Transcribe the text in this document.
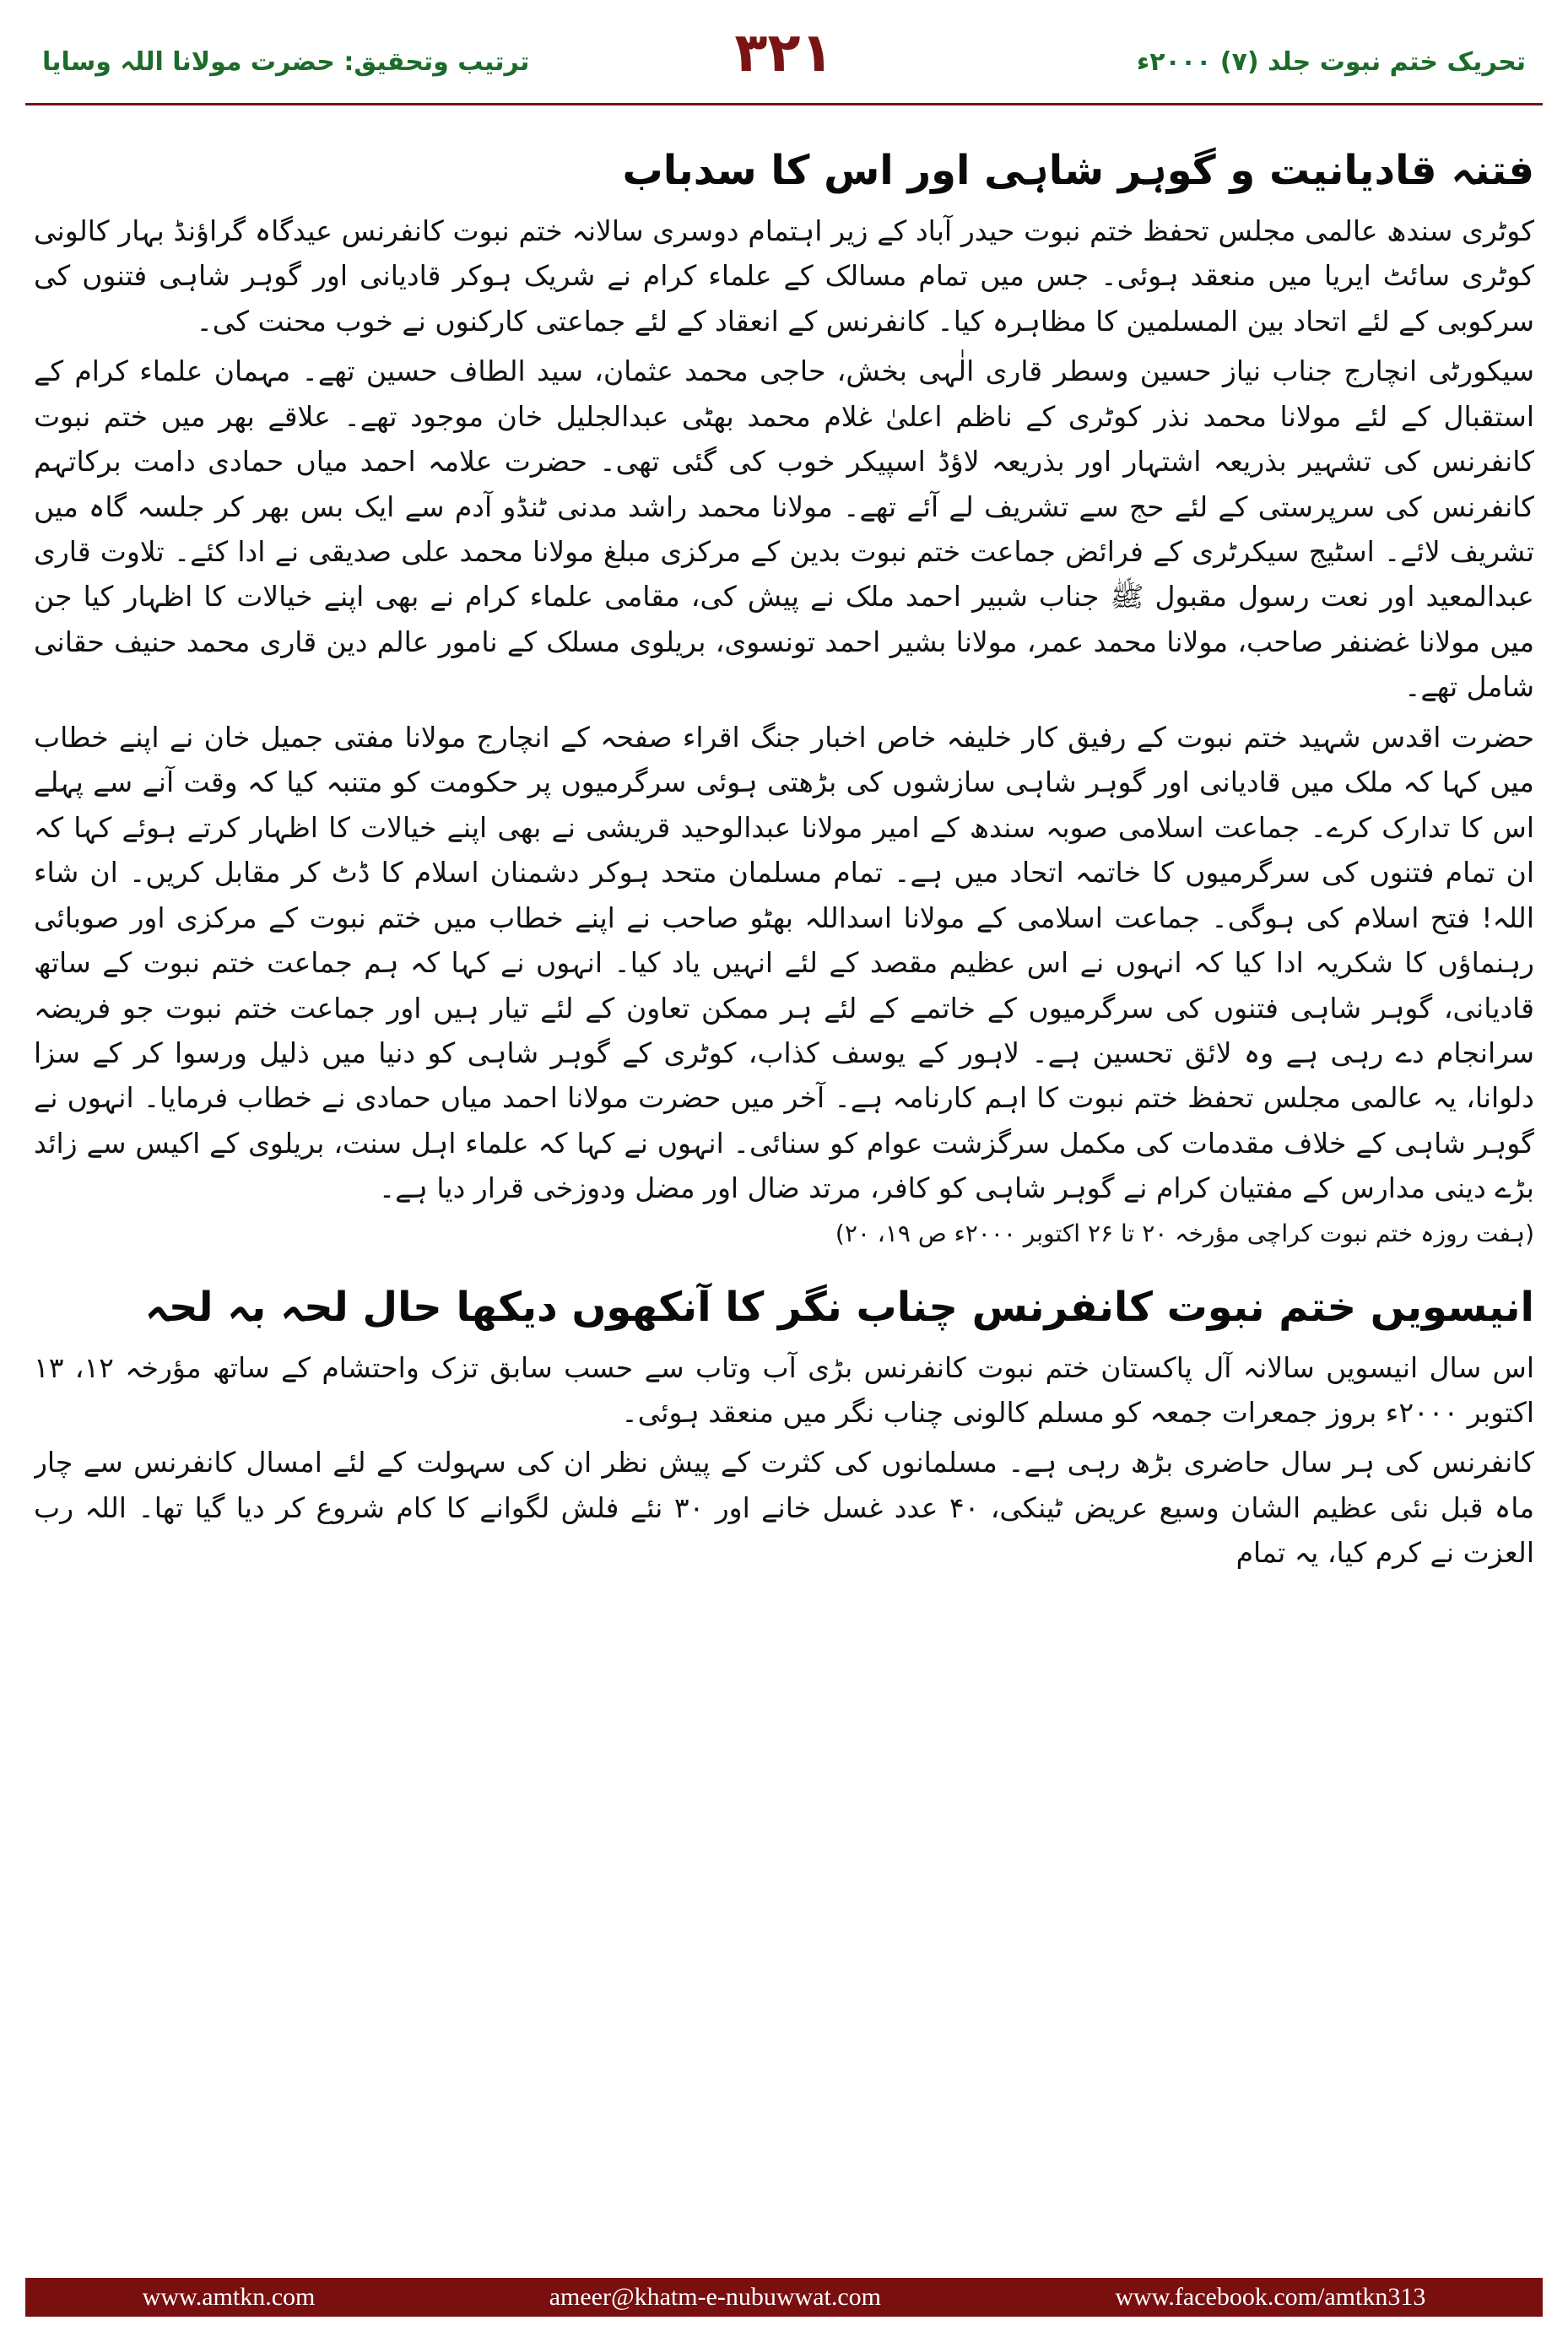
تحریک ختم نبوت جلد (۷) ۲۰۰۰ء
۳۲۱
ترتیب وتحقیق: حضرت مولانا اللہ وسایا
فتنہ قادیانیت و گوہر شاہی اور اس کا سدباب

کوٹری سندھ عالمی مجلس تحفظ ختم نبوت حیدر آباد کے زیر اہتمام دوسری سالانہ ختم نبوت کانفرنس عیدگاہ گراؤنڈ بہار کالونی کوٹری سائٹ ایریا میں منعقد ہوئی۔ جس میں تمام مسالک کے علماء کرام نے شریک ہوکر قادیانی اور گوہر شاہی فتنوں کی سرکوبی کے لئے اتحاد بین المسلمین کا مظاہرہ کیا۔ کانفرنس کے انعقاد کے لئے جماعتی کارکنوں نے خوب محنت کی۔

سیکورٹی انچارج جناب نیاز حسین وسطر قاری الٰہی بخش، حاجی محمد عثمان، سید الطاف حسین تھے۔ مہمان علماء کرام کے استقبال کے لئے مولانا محمد نذر کوٹری کے ناظم اعلیٰ غلام محمد بھٹی عبدالجلیل خان موجود تھے۔ علاقے بھر میں ختم نبوت کانفرنس کی تشہیر بذریعہ اشتہار اور بذریعہ لاؤڈ اسپیکر خوب کی گئی تھی۔ حضرت علامہ احمد میاں حمادی دامت برکاتہم کانفرنس کی سرپرستی کے لئے حج سے تشریف لے آئے تھے۔ مولانا محمد راشد مدنی ٹنڈو آدم سے ایک بس بھر کر جلسہ گاہ میں تشریف لائے۔ اسٹیج سیکرٹری کے فرائض جماعت ختم نبوت بدین کے مرکزی مبلغ مولانا محمد علی صدیقی نے ادا کئے۔ تلاوت قاری عبدالمعید اور نعت رسول مقبول ﷺ جناب شبیر احمد ملک نے پیش کی، مقامی علماء کرام نے بھی اپنے خیالات کا اظہار کیا جن میں مولانا غضنفر صاحب، مولانا محمد عمر، مولانا بشیر احمد تونسوی، بریلوی مسلک کے نامور عالم دین قاری محمد حنیف حقانی شامل تھے۔

حضرت اقدس شہید ختم نبوت کے رفیق کار خلیفہ خاص اخبار جنگ اقراء صفحہ کے انچارج مولانا مفتی جمیل خان نے اپنے خطاب میں کہا کہ ملک میں قادیانی اور گوہر شاہی سازشوں کی بڑھتی ہوئی سرگرمیوں پر حکومت کو متنبہ کیا کہ وقت آنے سے پہلے اس کا تدارک کرے۔ جماعت اسلامی صوبہ سندھ کے امیر مولانا عبدالوحید قریشی نے بھی اپنے خیالات کا اظہار کرتے ہوئے کہا کہ ان تمام فتنوں کی سرگرمیوں کا خاتمہ اتحاد میں ہے۔ تمام مسلمان متحد ہوکر دشمنان اسلام کا ڈٹ کر مقابل کریں۔ ان شاء اللہ! فتح اسلام کی ہوگی۔ جماعت اسلامی کے مولانا اسداللہ بھٹو صاحب نے اپنے خطاب میں ختم نبوت کے مرکزی اور صوبائی رہنماؤں کا شکریہ ادا کیا کہ انہوں نے اس عظیم مقصد کے لئے انہیں یاد کیا۔ انہوں نے کہا کہ ہم جماعت ختم نبوت کے ساتھ قادیانی، گوہر شاہی فتنوں کی سرگرمیوں کے خاتمے کے لئے ہر ممکن تعاون کے لئے تیار ہیں اور جماعت ختم نبوت جو فریضہ سرانجام دے رہی ہے وہ لائق تحسین ہے۔ لاہور کے یوسف کذاب، کوٹری کے گوہر شاہی کو دنیا میں ذلیل ورسوا کر کے سزا دلوانا، یہ عالمی مجلس تحفظ ختم نبوت کا اہم کارنامہ ہے۔ آخر میں حضرت مولانا احمد میاں حمادی نے خطاب فرمایا۔ انہوں نے گوہر شاہی کے خلاف مقدمات کی مکمل سرگزشت عوام کو سنائی۔ انہوں نے کہا کہ علماء اہل سنت، بریلوی کے اکیس سے زائد بڑے دینی مدارس کے مفتیان کرام نے گوہر شاہی کو کافر، مرتد ضال اور مضل ودوزخی قرار دیا ہے۔

(ہفت روزہ ختم نبوت کراچی مؤرخہ ۲۰ تا ۲۶ اکتوبر ۲۰۰۰ء ص ۱۹، ۲۰)

انیسویں ختم نبوت کانفرنس چناب نگر کا آنکھوں دیکھا حال لحہ بہ لحہ

اس سال انیسویں سالانہ آل پاکستان ختم نبوت کانفرنس بڑی آب وتاب سے حسب سابق تزک واحتشام کے ساتھ مؤرخہ ۱۲، ۱۳ اکتوبر ۲۰۰۰ء بروز جمعرات جمعہ کو مسلم کالونی چناب نگر میں منعقد ہوئی۔

کانفرنس کی ہر سال حاضری بڑھ رہی ہے۔ مسلمانوں کی کثرت کے پیش نظر ان کی سہولت کے لئے امسال کانفرنس سے چار ماہ قبل نئی عظیم الشان وسیع عریض ٹینکی، ۴۰ عدد غسل خانے اور ۳۰ نئے فلش لگوانے کا کام شروع کر دیا گیا تھا۔ اللہ رب العزت نے کرم کیا، یہ تمام

www.amtkn.com	ameer@khatm-e-nubuwwat.com	www.facebook.com/amtkn313
